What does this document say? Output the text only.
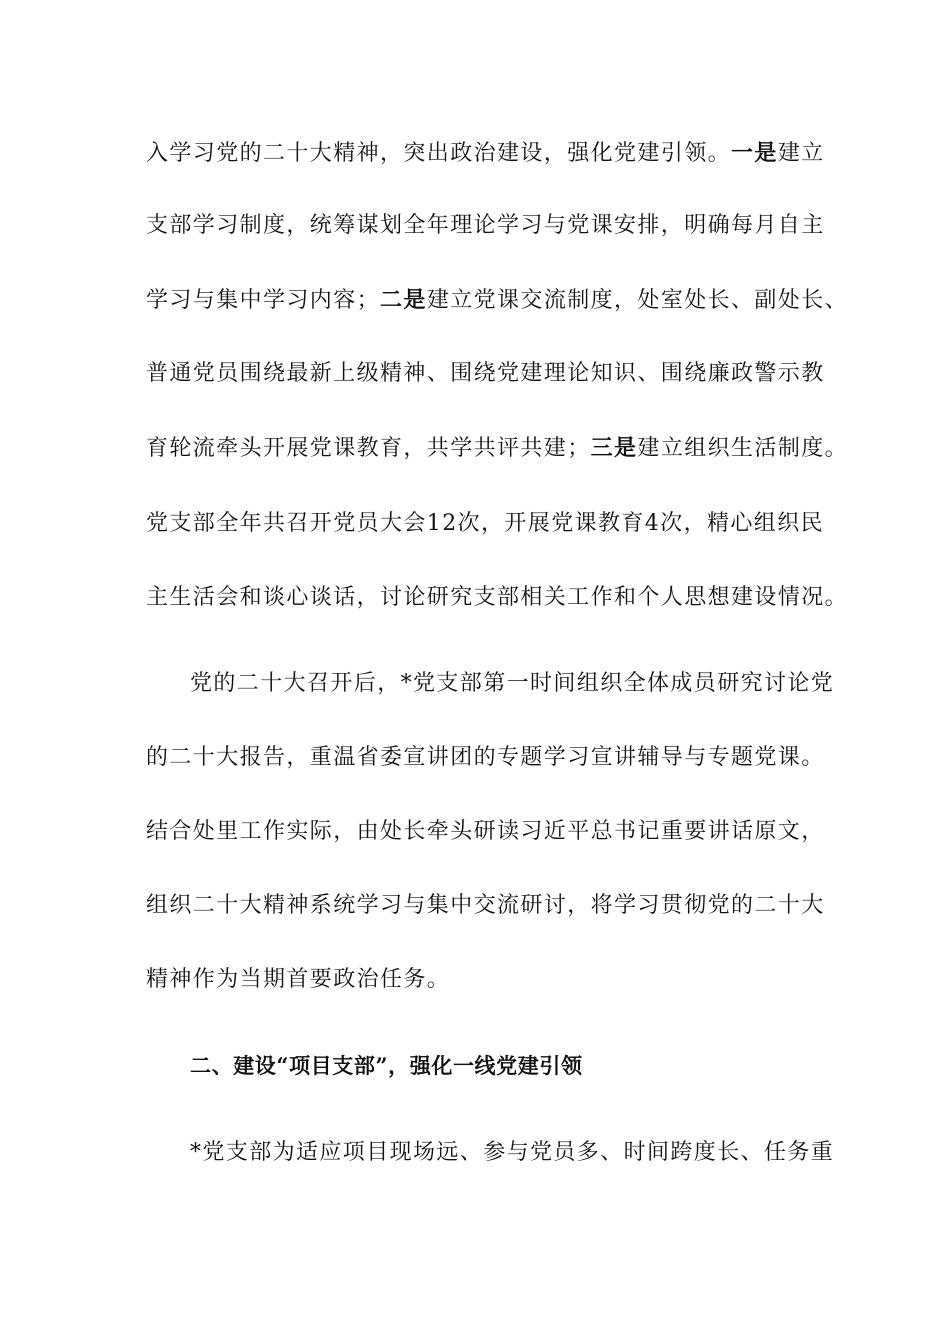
入学习党的二十大精神，突出政治建设，强化党建引领。一是建立
支部学习制度，统筹谋划全年理论学习与党课安排，明确每月自主
学习与集中学习内容；二是建立党课交流制度，处室处长、副处长、
普通党员围绕最新上级精神、围绕党建理论知识、围绕廉政警示教
育轮流牵头开展党课教育，共学共评共建；三是建立组织生活制度。
党支部全年共召开党员大会12次，开展党课教育4次，精心组织民
主生活会和谈心谈话，讨论研究支部相关工作和个人思想建设情况。
党的二十大召开后，*党支部第一时间组织全体成员研究讨论党
的二十大报告，重温省委宣讲团的专题学习宣讲辅导与专题党课。
结合处里工作实际，由处长牵头研读习近平总书记重要讲话原文，
组织二十大精神系统学习与集中交流研讨，将学习贯彻党的二十大
精神作为当期首要政治任务。
二、建设“项目支部”，强化一线党建引领
*党支部为适应项目现场远、参与党员多、时间跨度长、任务重
